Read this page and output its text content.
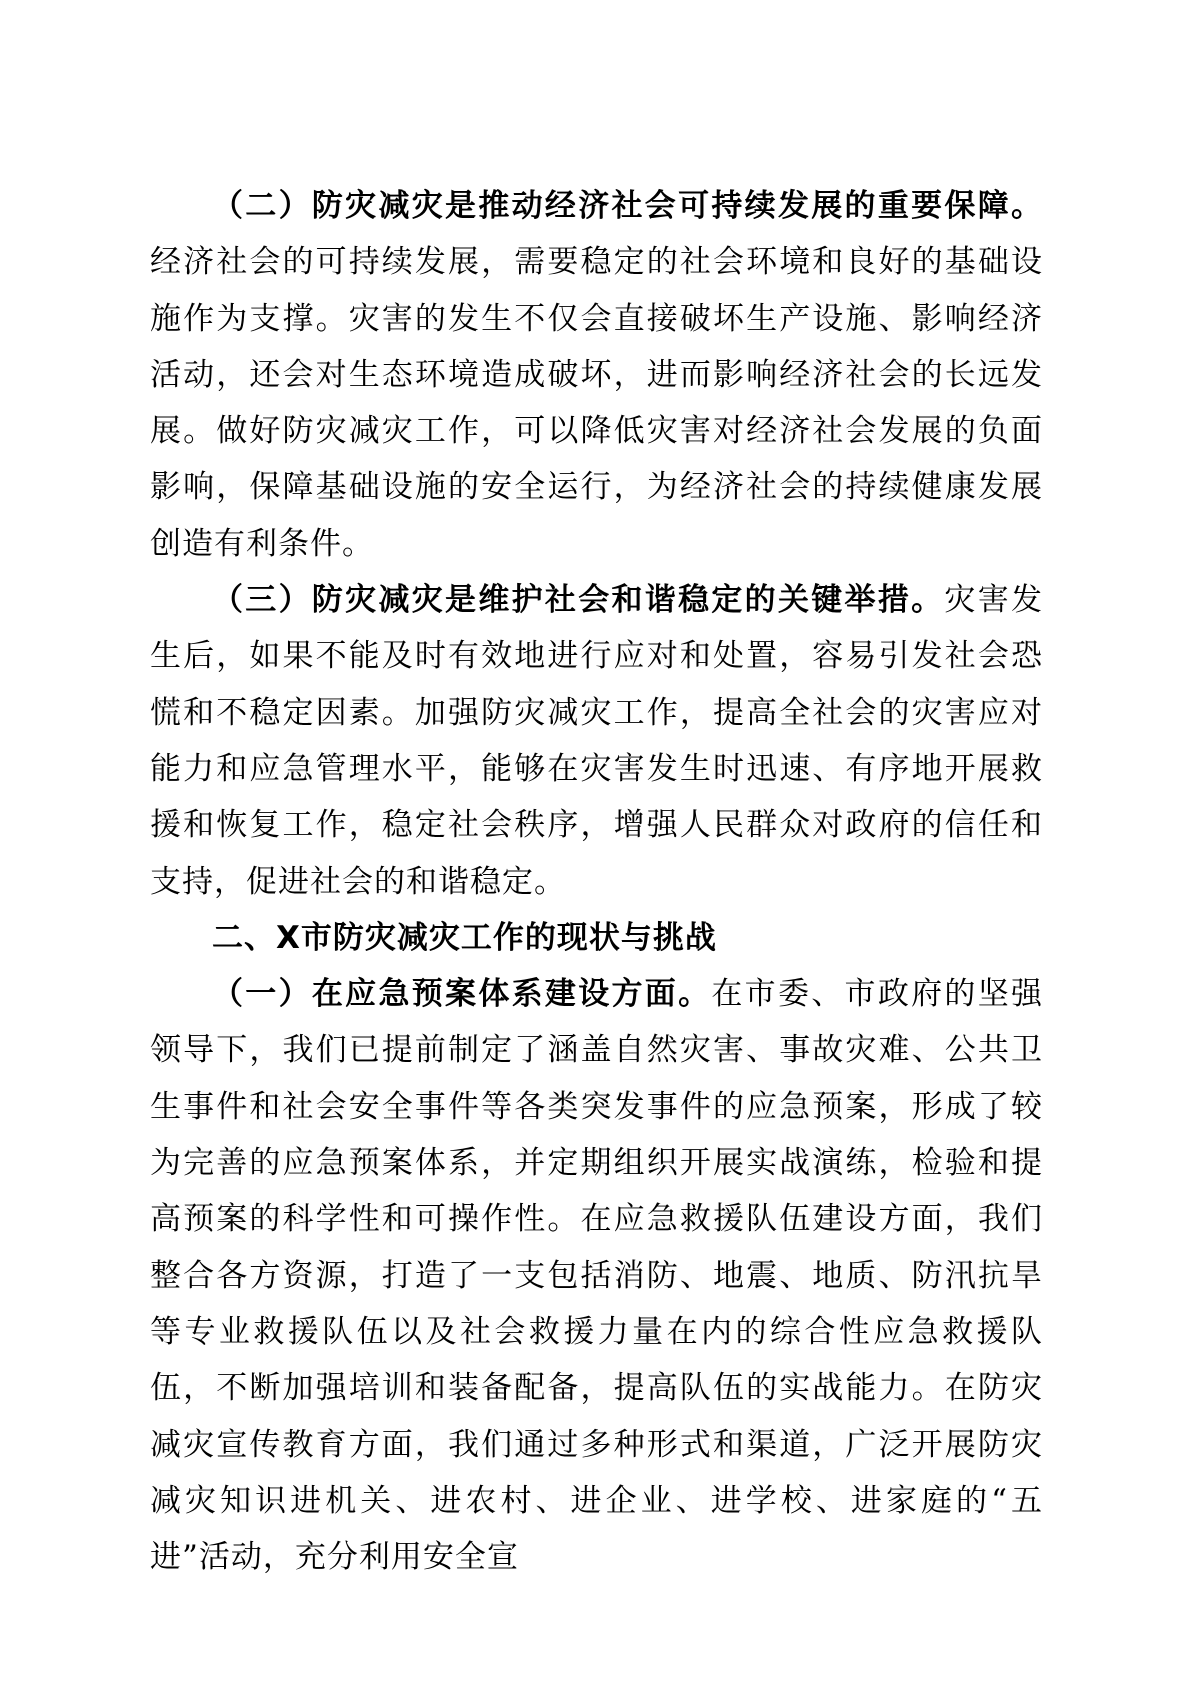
（二）防灾减灾是推动经济社会可持续发展的重要保障。经济社会的可持续发展，需要稳定的社会环境和良好的基础设施作为支撑。灾害的发生不仅会直接破坏生产设施、影响经济活动，还会对生态环境造成破坏，进而影响经济社会的长远发展。做好防灾减灾工作，可以降低灾害对经济社会发展的负面影响，保障基础设施的安全运行，为经济社会的持续健康发展创造有利条件。

（三）防灾减灾是维护社会和谐稳定的关键举措。灾害发生后，如果不能及时有效地进行应对和处置，容易引发社会恐慌和不稳定因素。加强防灾减灾工作，提高全社会的灾害应对能力和应急管理水平，能够在灾害发生时迅速、有序地开展救援和恢复工作，稳定社会秩序，增强人民群众对政府的信任和支持，促进社会的和谐稳定。

二、X市防灾减灾工作的现状与挑战

（一）在应急预案体系建设方面。在市委、市政府的坚强领导下，我们已提前制定了涵盖自然灾害、事故灾难、公共卫生事件和社会安全事件等各类突发事件的应急预案，形成了较为完善的应急预案体系，并定期组织开展实战演练，检验和提高预案的科学性和可操作性。在应急救援队伍建设方面，我们整合各方资源，打造了一支包括消防、地震、地质、防汛抗旱等专业救援队伍以及社会救援力量在内的综合性应急救援队伍，不断加强培训和装备配备，提高队伍的实战能力。在防灾减灾宣传教育方面，我们通过多种形式和渠道，广泛开展防灾减灾知识进机关、进农村、进企业、进学校、进家庭的“五进”活动，充分利用安全宣
